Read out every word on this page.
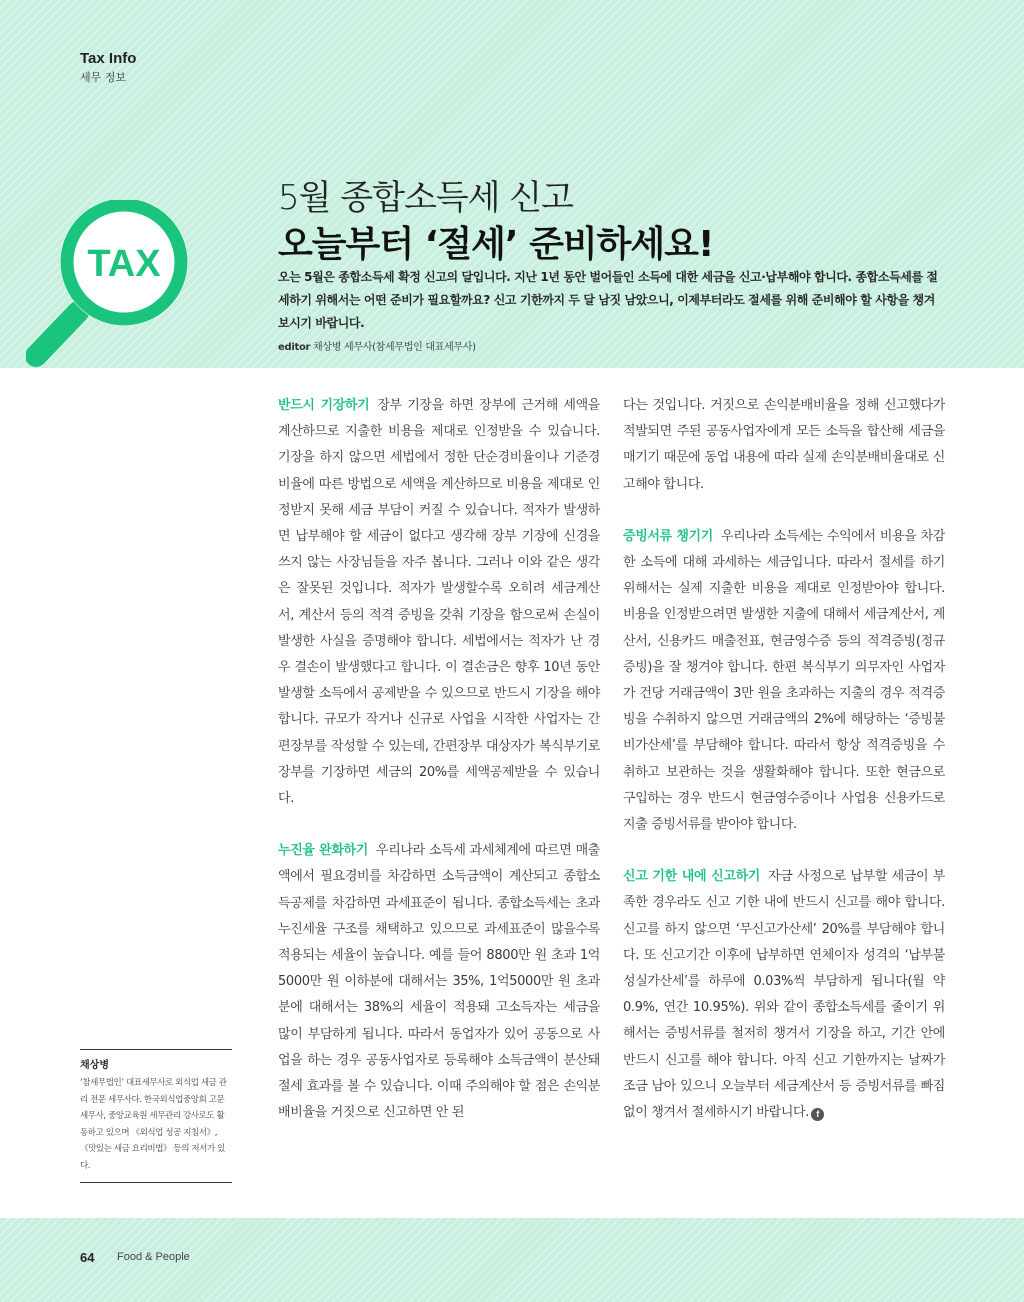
Tax Info
세무 정보
TAX
5월 종합소득세 신고
오늘부터 ‘절세’ 준비하세요!
오는 5월은 종합소득세 확정 신고의 달입니다. 지난 1년 동안 벌어들인 소득에 대한 세금을 신고·납부해야 합니다. 종합소득세를 절세하기 위해서는 어떤 준비가 필요할까요? 신고 기한까지 두 달 남짓 남았으니, 이제부터라도 절세를 위해 준비해야 할 사항을 챙겨보시기 바랍니다.
editor 채상병 세무사(참세무법인 대표세무사)

반드시 기장하기 장부 기장을 하면 장부에 근거해 세액을 계산하므로 지출한 비용을 제대로 인정받을 수 있습니다. 기장을 하지 않으면 세법에서 정한 단순경비율이나 기준경비율에 따른 방법으로 세액을 계산하므로 비용을 제대로 인정받지 못해 세금 부담이 커질 수 있습니다. 적자가 발생하면 납부해야 할 세금이 없다고 생각해 장부 기장에 신경을 쓰지 않는 사장님들을 자주 봅니다. 그러나 이와 같은 생각은 잘못된 것입니다. 적자가 발생할수록 오히려 세금계산서, 계산서 등의 적격 증빙을 갖춰 기장을 함으로써 손실이 발생한 사실을 증명해야 합니다. 세법에서는 적자가 난 경우 결손이 발생했다고 합니다. 이 결손금은 향후 10년 동안 발생할 소득에서 공제받을 수 있으므로 반드시 기장을 해야 합니다. 규모가 작거나 신규로 사업을 시작한 사업자는 간편장부를 작성할 수 있는데, 간편장부 대상자가 복식부기로 장부를 기장하면 세금의 20%를 세액공제받을 수 있습니다.

누진율 완화하기 우리나라 소득세 과세체계에 따르면 매출액에서 필요경비를 차감하면 소득금액이 계산되고 종합소득공제를 차감하면 과세표준이 됩니다. 종합소득세는 초과누진세율 구조를 채택하고 있으므로 과세표준이 많을수록 적용되는 세율이 높습니다. 예를 들어 8800만 원 초과 1억5000만 원 이하분에 대해서는 35%, 1억5000만 원 초과분에 대해서는 38%의 세율이 적용돼 고소득자는 세금을 많이 부담하게 됩니다. 따라서 동업자가 있어 공동으로 사업을 하는 경우 공동사업자로 등록해야 소득금액이 분산돼 절세 효과를 볼 수 있습니다. 이때 주의해야 할 점은 손익분배비율을 거짓으로 신고하면 안 된

다는 것입니다. 거짓으로 손익분배비율을 정해 신고했다가 적발되면 주된 공동사업자에게 모든 소득을 합산해 세금을 매기기 때문에 동업 내용에 따라 실제 손익분배비율대로 신고해야 합니다.

증빙서류 챙기기 우리나라 소득세는 수익에서 비용을 차감한 소득에 대해 과세하는 세금입니다. 따라서 절세를 하기 위해서는 실제 지출한 비용을 제대로 인정받아야 합니다. 비용을 인정받으려면 발생한 지출에 대해서 세금계산서, 계산서, 신용카드 매출전표, 현금영수증 등의 적격증빙(정규증빙)을 잘 챙겨야 합니다. 한편 복식부기 의무자인 사업자가 건당 거래금액이 3만 원을 초과하는 지출의 경우 적격증빙을 수취하지 않으면 거래금액의 2%에 해당하는 ‘증빙불비가산세’를 부담해야 합니다. 따라서 항상 적격증빙을 수취하고 보관하는 것을 생활화해야 합니다. 또한 현금으로 구입하는 경우 반드시 현금영수증이나 사업용 신용카드로 지출 증빙서류를 받아야 합니다.

신고 기한 내에 신고하기 자금 사정으로 납부할 세금이 부족한 경우라도 신고 기한 내에 반드시 신고를 해야 합니다. 신고를 하지 않으면 ‘무신고가산세’ 20%를 부담해야 합니다. 또 신고기간 이후에 납부하면 연체이자 성격의 ‘납부불성실가산세’를 하루에 0.03%씩 부담하게 됩니다(월 약 0.9%, 연간 10.95%). 위와 같이 종합소득세를 줄이기 위해서는 증빙서류를 철저히 챙겨서 기장을 하고, 기간 안에 반드시 신고를 해야 합니다. 아직 신고 기한까지는 날짜가 조금 남아 있으니 오늘부터 세금계산서 등 증빙서류를 빠짐없이 챙겨서 절세하시기 바랍니다. f

채상병
‘참세무법인’ 대표세무사로 외식업 세금 관리 전문 세무사다. 한국외식업중앙회 고문세무사, 중앙교육원 세무관리 강사로도 활동하고 있으며 《외식업 성공 지침서》, 《맛있는 세금 요리비법》 등의 저서가 있다.
64 Food & People
